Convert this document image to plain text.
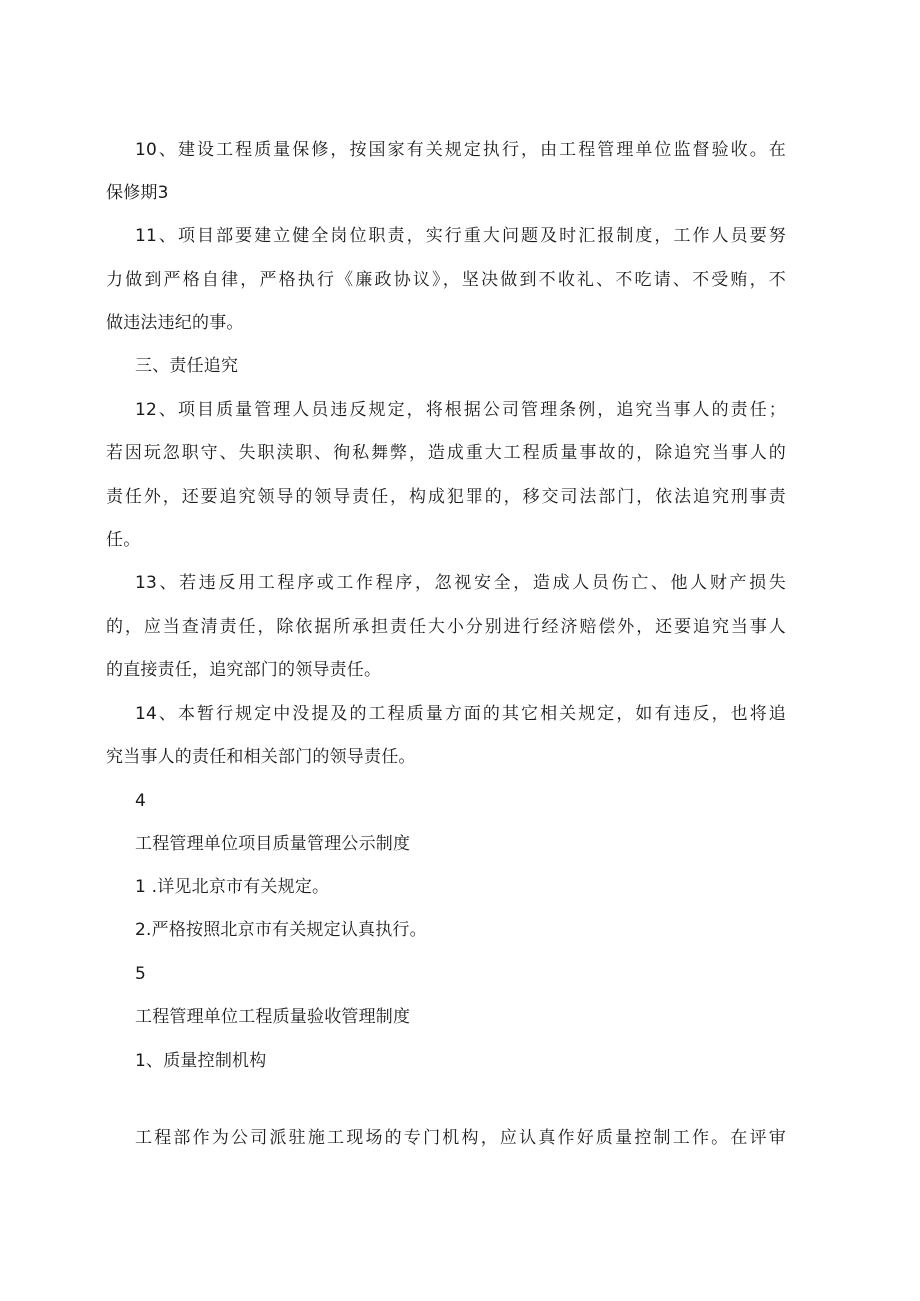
10、建设工程质量保修，按国家有关规定执行，由工程管理单位监督验收。在
保修期3
11、项目部要建立健全岗位职责，实行重大问题及时汇报制度，工作人员要努
力做到严格自律，严格执行《廉政协议》，坚决做到不收礼、不吃请、不受贿，不
做违法违纪的事。
三、责任追究
12、项目质量管理人员违反规定，将根据公司管理条例，追究当事人的责任；
若因玩忽职守、失职渎职、徇私舞弊，造成重大工程质量事故的，除追究当事人的
责任外，还要追究领导的领导责任，构成犯罪的，移交司法部门，依法追究刑事责
任。
13、若违反用工程序或工作程序，忽视安全，造成人员伤亡、他人财产损失
的，应当查清责任，除依据所承担责任大小分别进行经济赔偿外，还要追究当事人
的直接责任，追究部门的领导责任。
14、本暂行规定中没提及的工程质量方面的其它相关规定，如有违反，也将追
究当事人的责任和相关部门的领导责任。
4
工程管理单位项目质量管理公示制度
1 .详见北京市有关规定。
2.严格按照北京市有关规定认真执行。
5
工程管理单位工程质量验收管理制度
1、质量控制机构
工程部作为公司派驻施工现场的专门机构，应认真作好质量控制工作。在评审
